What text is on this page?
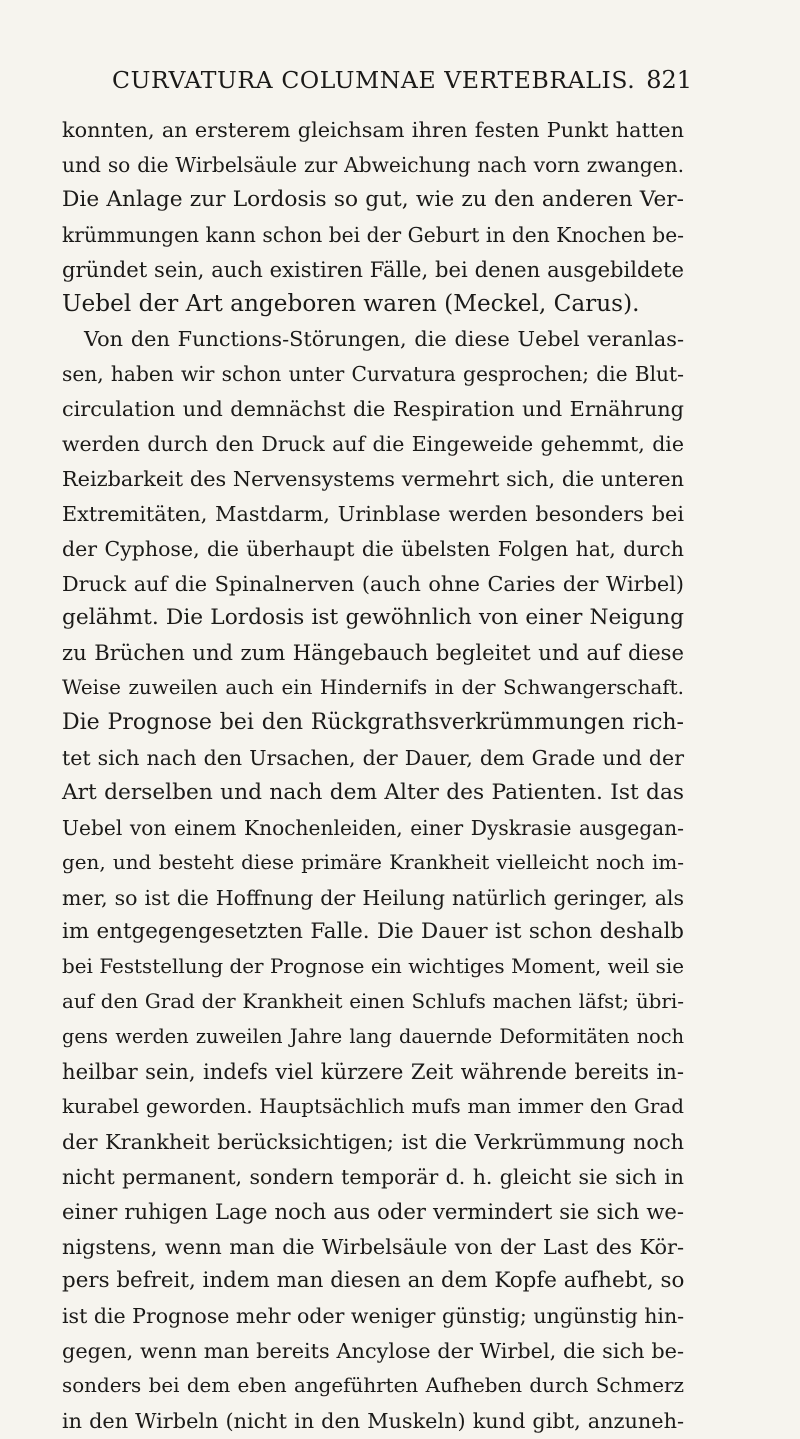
CURVATURA COLUMNAE VERTEBRALIS. 821
konnten, an ersterem gleichsam ihren festen Punkt hatten
und so die Wirbelsäule zur Abweichung nach vorn zwangen.
Die Anlage zur Lordosis so gut, wie zu den anderen Ver-
krümmungen kann schon bei der Geburt in den Knochen be-
gründet sein, auch existiren Fälle, bei denen ausgebildete
Uebel der Art angeboren waren (Meckel, Carus).
Von den Functions-Störungen, die diese Uebel veranlas-
sen, haben wir schon unter Curvatura gesprochen; die Blut-
circulation und demnächst die Respiration und Ernährung
werden durch den Druck auf die Eingeweide gehemmt, die
Reizbarkeit des Nervensystems vermehrt sich, die unteren
Extremitäten, Mastdarm, Urinblase werden besonders bei
der Cyphose, die überhaupt die übelsten Folgen hat, durch
Druck auf die Spinalnerven (auch ohne Caries der Wirbel)
gelähmt. Die Lordosis ist gewöhnlich von einer Neigung
zu Brüchen und zum Hängebauch begleitet und auf diese
Weise zuweilen auch ein Hindernifs in der Schwangerschaft.
Die Prognose bei den Rückgrathsverkrümmungen rich-
tet sich nach den Ursachen, der Dauer, dem Grade und der
Art derselben und nach dem Alter des Patienten. Ist das
Uebel von einem Knochenleiden, einer Dyskrasie ausgegan-
gen, und besteht diese primäre Krankheit vielleicht noch im-
mer, so ist die Hoffnung der Heilung natürlich geringer, als
im entgegengesetzten Falle. Die Dauer ist schon deshalb
bei Feststellung der Prognose ein wichtiges Moment, weil sie
auf den Grad der Krankheit einen Schlufs machen läfst; übri-
gens werden zuweilen Jahre lang dauernde Deformitäten noch
heilbar sein, indefs viel kürzere Zeit währende bereits in-
kurabel geworden. Hauptsächlich mufs man immer den Grad
der Krankheit berücksichtigen; ist die Verkrümmung noch
nicht permanent, sondern temporär d. h. gleicht sie sich in
einer ruhigen Lage noch aus oder vermindert sie sich we-
nigstens, wenn man die Wirbelsäule von der Last des Kör-
pers befreit, indem man diesen an dem Kopfe aufhebt, so
ist die Prognose mehr oder weniger günstig; ungünstig hin-
gegen, wenn man bereits Ancylose der Wirbel, die sich be-
sonders bei dem eben angeführten Aufheben durch Schmerz
in den Wirbeln (nicht in den Muskeln) kund gibt, anzuneh-
